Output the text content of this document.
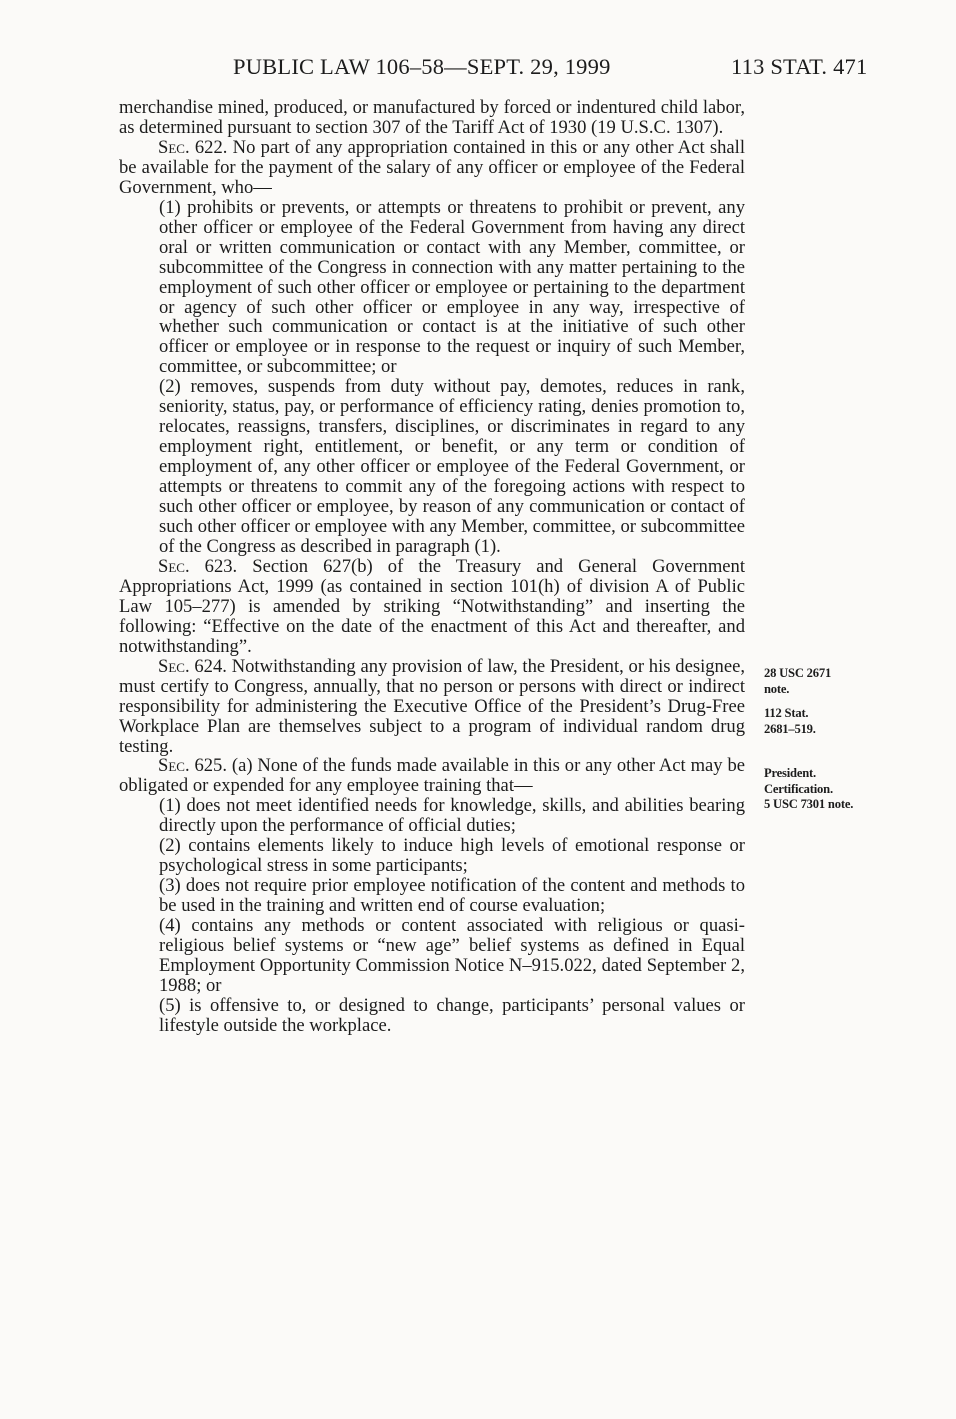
PUBLIC LAW 106–58—SEPT. 29, 1999	113 STAT. 471

merchandise mined, produced, or manufactured by forced or indentured child labor, as determined pursuant to section 307 of the Tariff Act of 1930 (19 U.S.C. 1307).

Sec. 622. No part of any appropriation contained in this or any other Act shall be available for the payment of the salary of any officer or employee of the Federal Government, who—

(1) prohibits or prevents, or attempts or threatens to prohibit or prevent, any other officer or employee of the Federal Government from having any direct oral or written communication or contact with any Member, committee, or subcommittee of the Congress in connection with any matter pertaining to the employment of such other officer or employee or pertaining to the department or agency of such other officer or employee in any way, irrespective of whether such communication or contact is at the initiative of such other officer or employee or in response to the request or inquiry of such Member, committee, or subcommittee; or

(2) removes, suspends from duty without pay, demotes, reduces in rank, seniority, status, pay, or performance of efficiency rating, denies promotion to, relocates, reassigns, transfers, disciplines, or discriminates in regard to any employment right, entitlement, or benefit, or any term or condition of employment of, any other officer or employee of the Federal Government, or attempts or threatens to commit any of the foregoing actions with respect to such other officer or employee, by reason of any communication or contact of such other officer or employee with any Member, committee, or subcommittee of the Congress as described in paragraph (1).

Sec. 623. Section 627(b) of the Treasury and General Government Appropriations Act, 1999 (as contained in section 101(h) of division A of Public Law 105–277) is amended by striking “Notwithstanding” and inserting the following: “Effective on the date of the enactment of this Act and thereafter, and notwithstanding”.

Sec. 624. Notwithstanding any provision of law, the President, or his designee, must certify to Congress, annually, that no person or persons with direct or indirect responsibility for administering the Executive Office of the President’s Drug-Free Workplace Plan are themselves subject to a program of individual random drug testing.

Sec. 625. (a) None of the funds made available in this or any other Act may be obligated or expended for any employee training that—

(1) does not meet identified needs for knowledge, skills, and abilities bearing directly upon the performance of official duties;

(2) contains elements likely to induce high levels of emotional response or psychological stress in some participants;

(3) does not require prior employee notification of the content and methods to be used in the training and written end of course evaluation;

(4) contains any methods or content associated with religious or quasi-religious belief systems or “new age” belief systems as defined in Equal Employment Opportunity Commission Notice N–915.022, dated September 2, 1988; or

(5) is offensive to, or designed to change, participants’ personal values or lifestyle outside the workplace.

28 USC 2671
note.
112 Stat.
2681–519.
President.
Certification.
5 USC 7301 note.
